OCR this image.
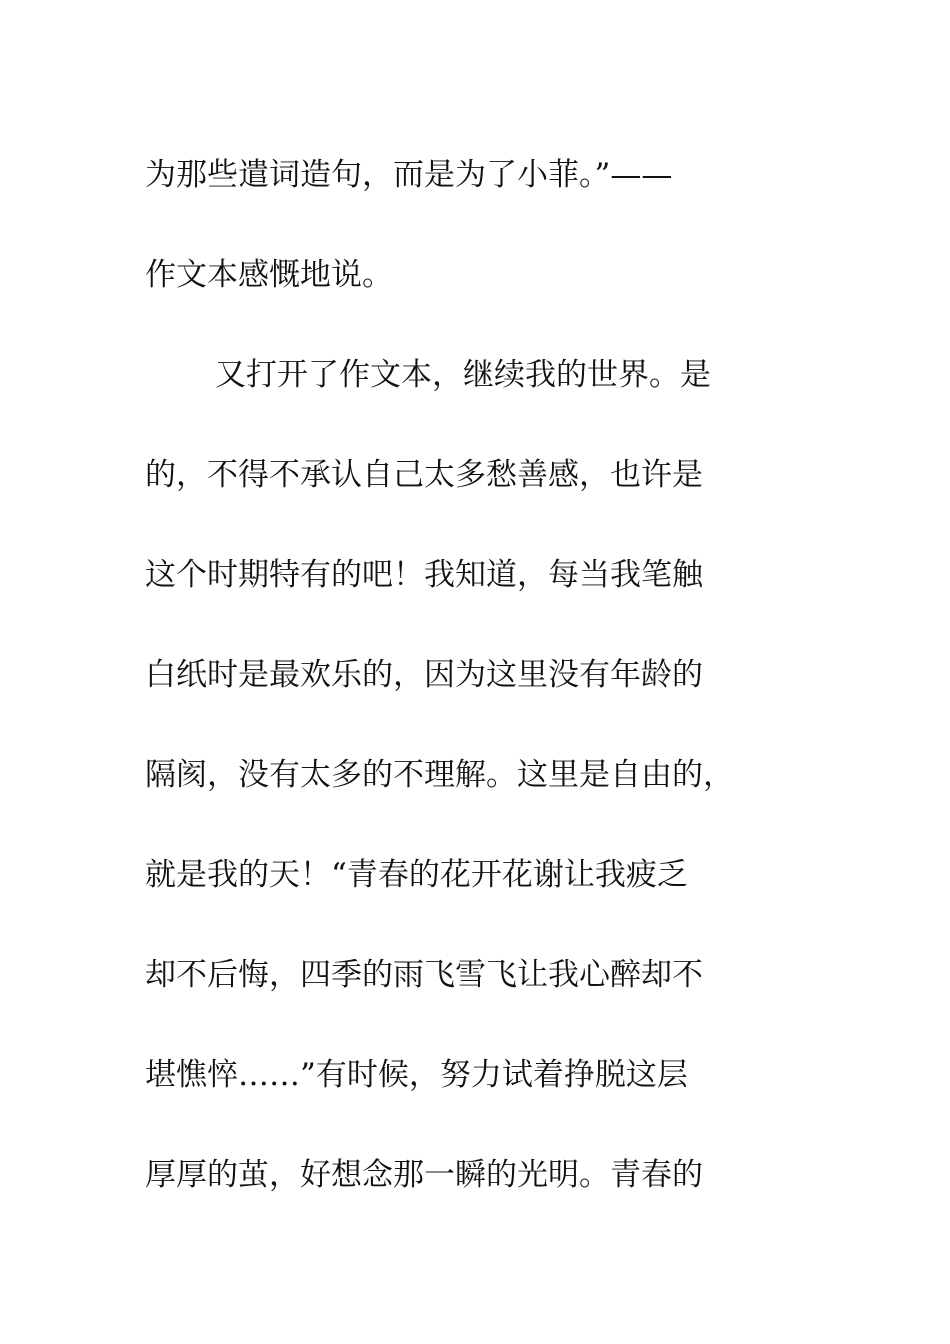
为那些遣词造句，而是为了小菲。”——
作文本感慨地说。
又打开了作文本，继续我的世界。是
的，不得不承认自己太多愁善感，也许是
这个时期特有的吧！我知道，每当我笔触
白纸时是最欢乐的，因为这里没有年龄的
隔阂，没有太多的不理解。这里是自由的，
就是我的天！“青春的花开花谢让我疲乏
却不后悔，四季的雨飞雪飞让我心醉却不
堪憔悴……”有时候，努力试着挣脱这层
厚厚的茧，好想念那一瞬的光明。青春的
